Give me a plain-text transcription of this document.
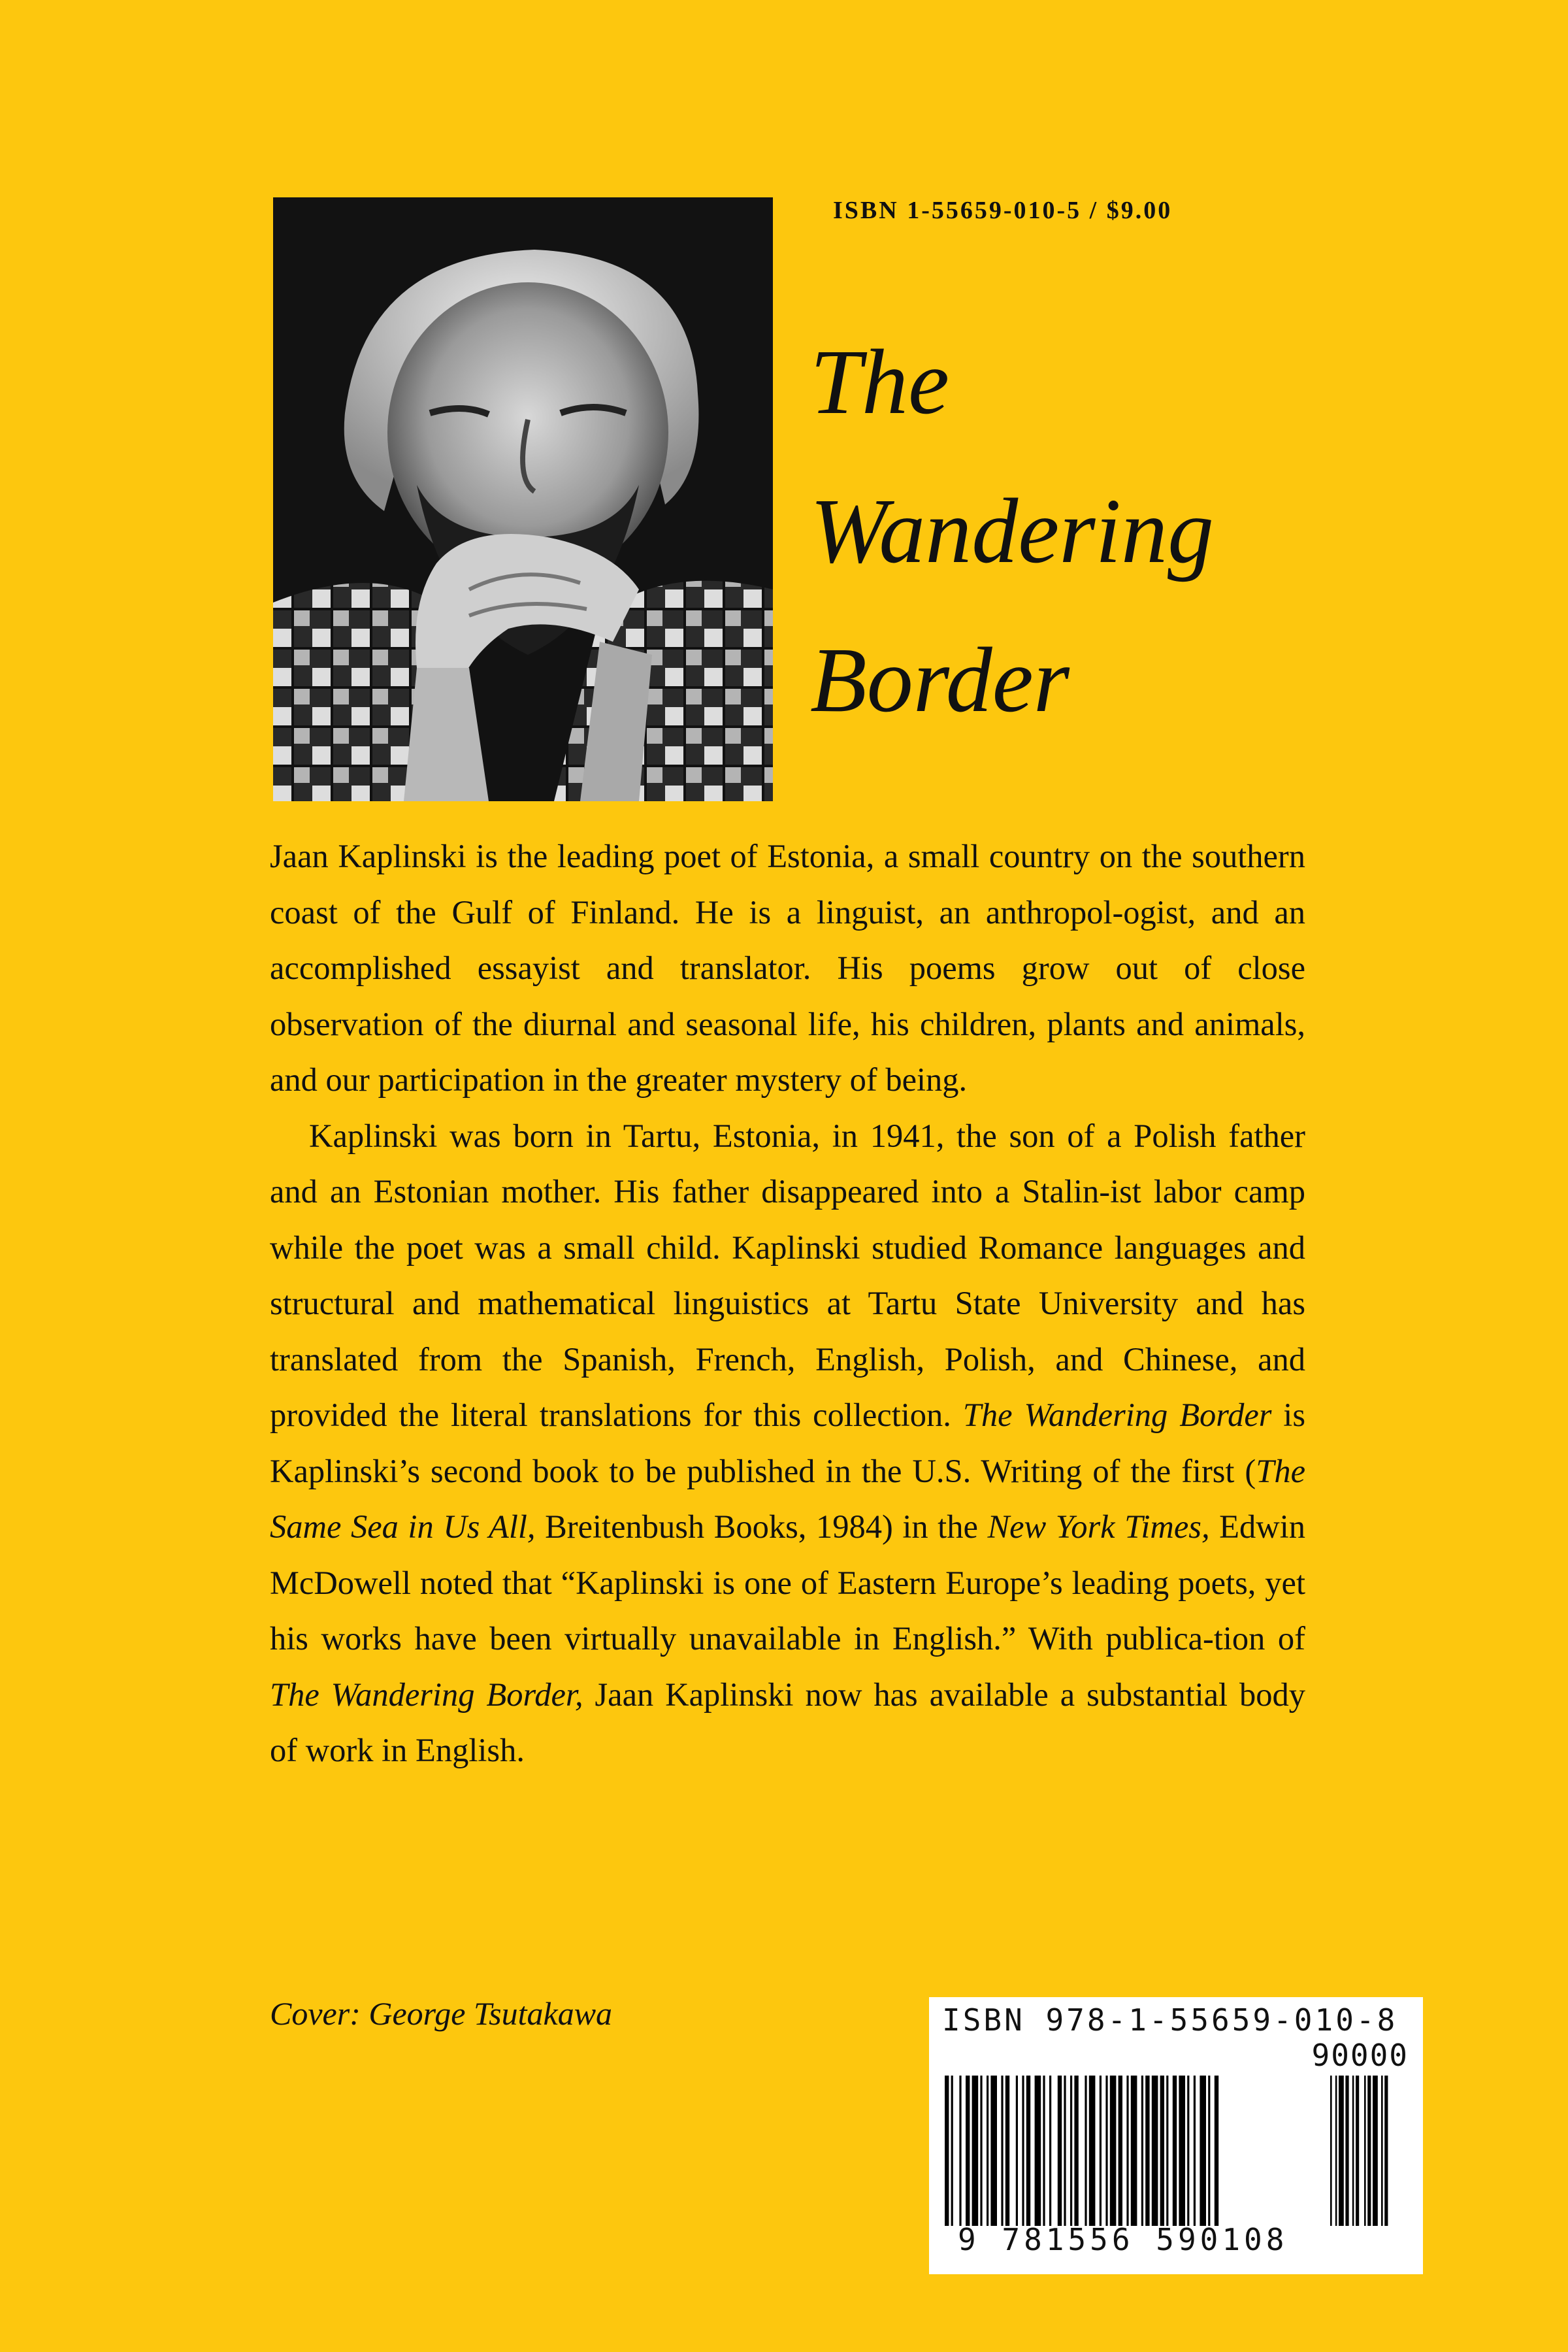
ISBN 1-55659-010-5 / $9.00
The
Wandering
Border

Jaan Kaplinski is the leading poet of Estonia, a small country on the southern coast of the Gulf of Finland. He is a linguist, an anthropol-ogist, and an accomplished essayist and translator. His poems grow out of close observation of the diurnal and seasonal life, his children, plants and animals, and our participation in the greater mystery of being.

Kaplinski was born in Tartu, Estonia, in 1941, the son of a Polish father and an Estonian mother. His father disappeared into a Stalin-ist labor camp while the poet was a small child. Kaplinski studied Romance languages and structural and mathematical linguistics at Tartu State University and has translated from the Spanish, French, English, Polish, and Chinese, and provided the literal translations for this collection. The Wandering Border is Kaplinski’s second book to be published in the U.S. Writing of the first (The Same Sea in Us All, Breitenbush Books, 1984) in the New York Times, Edwin McDowell noted that “Kaplinski is one of Eastern Europe’s leading poets, yet his works have been virtually unavailable in English.” With publica-tion of The Wandering Border, Jaan Kaplinski now has available a substantial body of work in English.

Cover: George Tsutakawa	ISBN 978-1-55659-010-8
90000
9 781556 590108
